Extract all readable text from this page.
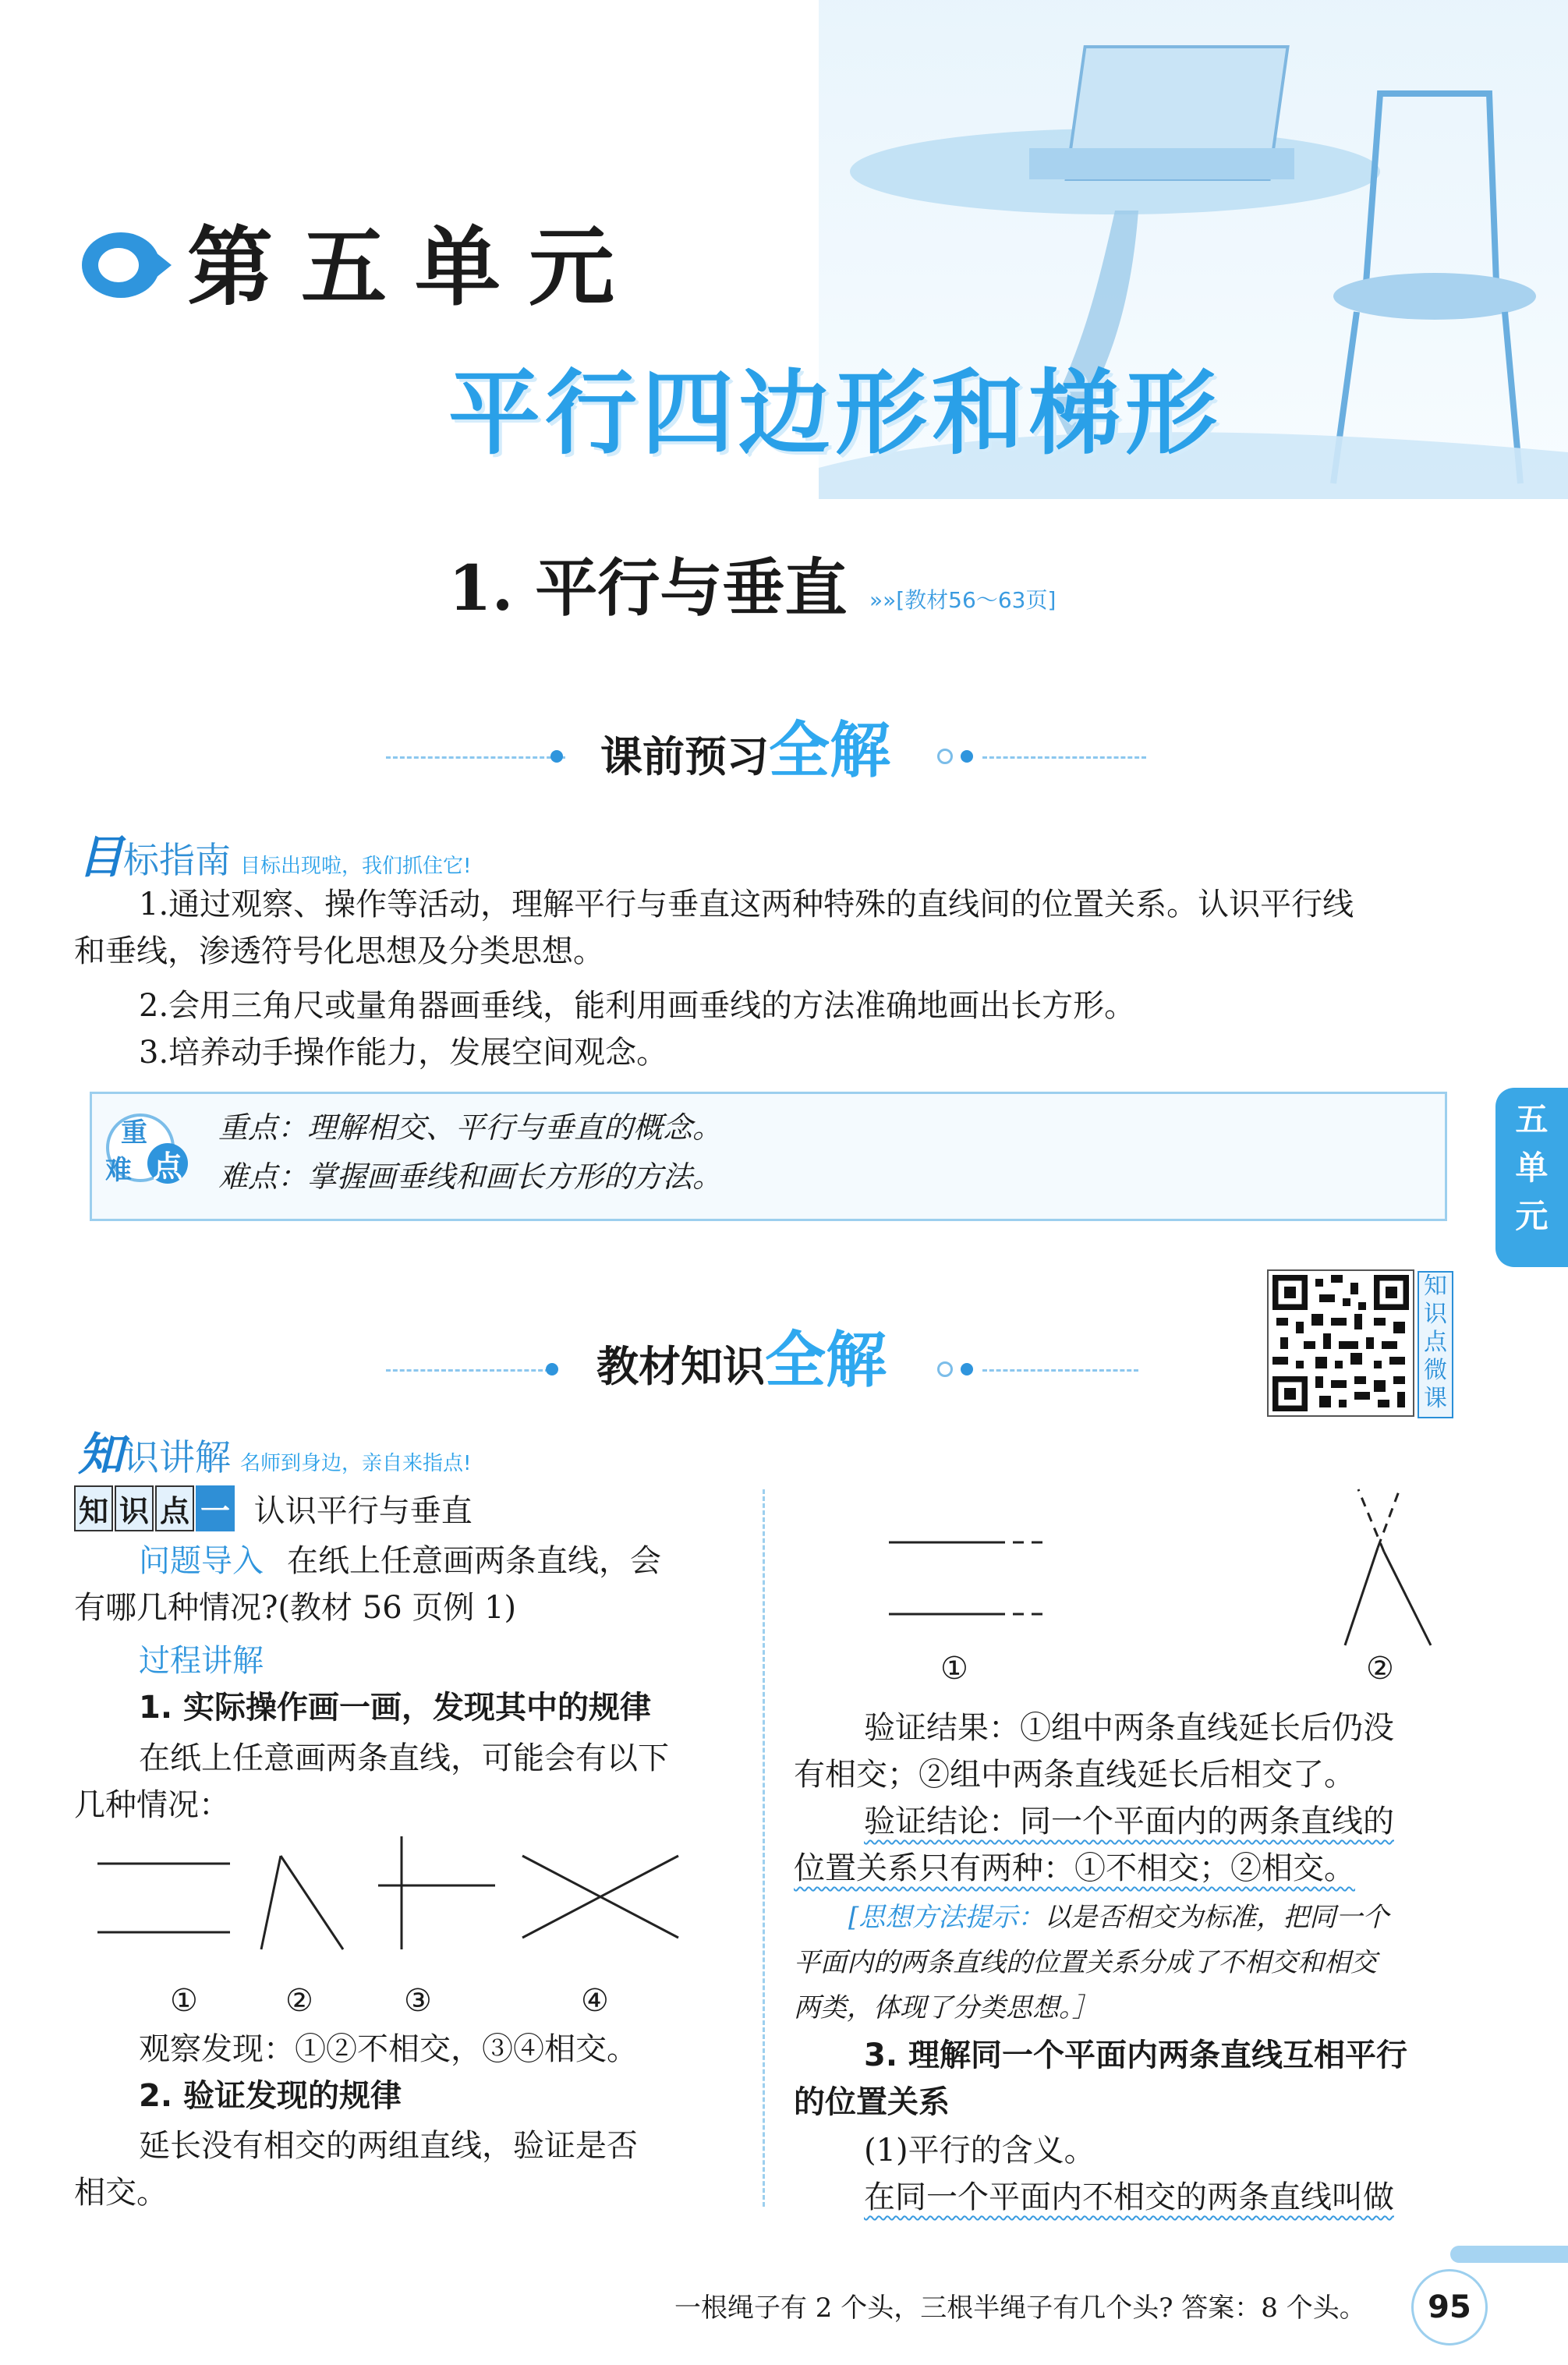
第五单元
平行四边形和梯形
1. 平行与垂直 »»[教材56～63页]
课前预习全解
目标指南 目标出现啦，我们抓住它!
1.通过观察、操作等活动，理解平行与垂直这两种特殊的直线间的位置关系。认识平行线
和垂线，渗透符号化思想及分类思想。
2.会用三角尺或量角器画垂线，能利用画垂线的方法准确地画出长方形。
3.培养动手操作能力，发展空间观念。
重
难 点
重点：理解相交、平行与垂直的概念。
难点：掌握画垂线和画长方形的方法。
五
单
元
教材知识全解
知
识
点
微
课
知识讲解 名师到身边，亲自来指点!
知 识 点 一 认识平行与垂直
问题导入 在纸上任意画两条直线，会
有哪几种情况?(教材 56 页例 1)
过程讲解
1. 实际操作画一画，发现其中的规律
在纸上任意画两条直线，可能会有以下
几种情况：
①	②	③	④
观察发现：①②不相交，③④相交。
2. 验证发现的规律
延长没有相交的两组直线，验证是否
相交。
①	②
验证结果：①组中两条直线延长后仍没
有相交；②组中两条直线延长后相交了。
验证结论：同一个平面内的两条直线的
位置关系只有两种：①不相交；②相交。
[思想方法提示：以是否相交为标准，把同一个
平面内的两条直线的位置关系分成了不相交和相交
两类，体现了分类思想。］
3. 理解同一个平面内两条直线互相平行
的位置关系
(1)平行的含义。
在同一个平面内不相交的两条直线叫做
一根绳子有 2 个头，三根半绳子有几个头? 答案：8 个头。	95
